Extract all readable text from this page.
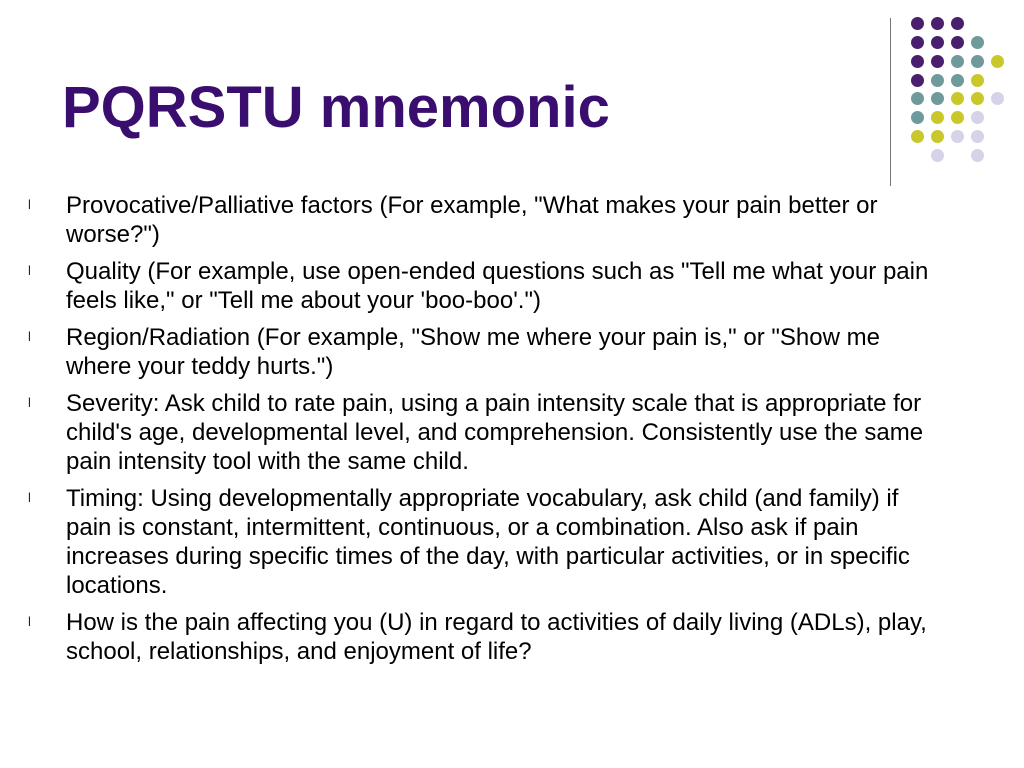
PQRSTU mnemonic
l Provocative/Palliative factors (For example, "What makes your pain better or worse?")
l Quality (For example, use open-ended questions such as "Tell me what your pain feels like," or "Tell me about your 'boo-boo'.")
l Region/Radiation (For example, "Show me where your pain is," or "Show me where your teddy hurts.")
l Severity: Ask child to rate pain, using a pain intensity scale that is appropriate for child's age, developmental level, and comprehension. Consistently use the same pain intensity tool with the same child.
l Timing: Using developmentally appropriate vocabulary, ask child (and family) if pain is constant, intermittent, continuous, or a combination. Also ask if pain increases during specific times of the day, with particular activities, or in specific locations.
l How is the pain affecting you (U) in regard to activities of daily living (ADLs), play, school, relationships, and enjoyment of life?
